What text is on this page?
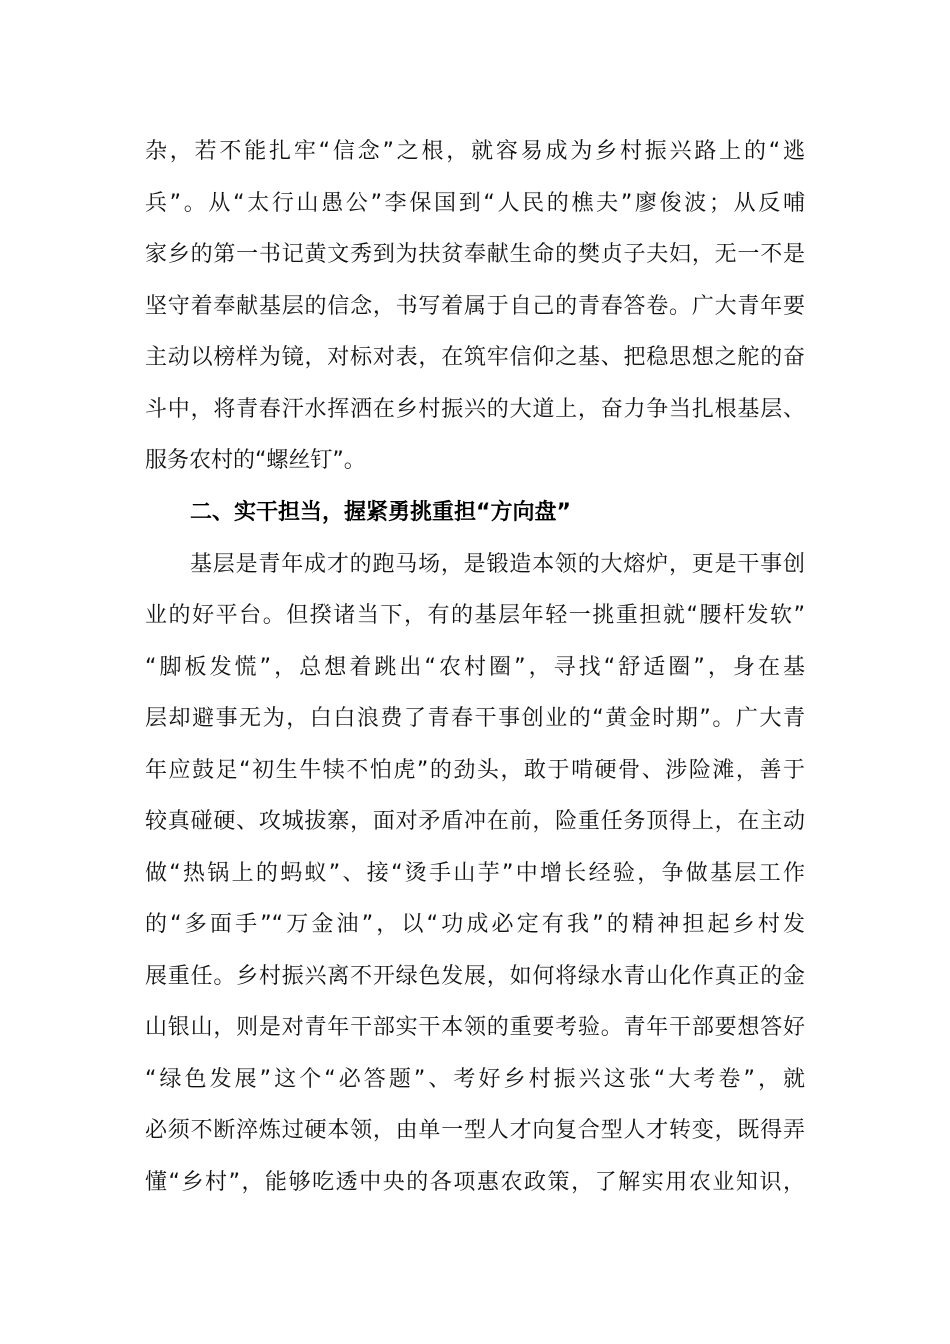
杂，若不能扎牢“信念”之根，就容易成为乡村振兴路上的“逃
兵”。从“太行山愚公”李保国到“人民的樵夫”廖俊波；从反哺
家乡的第一书记黄文秀到为扶贫奉献生命的樊贞子夫妇，无一不是
坚守着奉献基层的信念，书写着属于自己的青春答卷。广大青年要
主动以榜样为镜，对标对表，在筑牢信仰之基、把稳思想之舵的奋
斗中，将青春汗水挥洒在乡村振兴的大道上，奋力争当扎根基层、
服务农村的“螺丝钉”。
二、实干担当，握紧勇挑重担“方向盘”
基层是青年成才的跑马场，是锻造本领的大熔炉，更是干事创
业的好平台。但揆诸当下，有的基层年轻一挑重担就“腰杆发软”
“脚板发慌”，总想着跳出“农村圈”，寻找“舒适圈”，身在基
层却避事无为，白白浪费了青春干事创业的“黄金时期”。广大青
年应鼓足“初生牛犊不怕虎”的劲头，敢于啃硬骨、涉险滩，善于
较真碰硬、攻城拔寨，面对矛盾冲在前，险重任务顶得上，在主动
做“热锅上的蚂蚁”、接“烫手山芋”中增长经验，争做基层工作
的“多面手”“万金油”，以“功成必定有我”的精神担起乡村发
展重任。乡村振兴离不开绿色发展，如何将绿水青山化作真正的金
山银山，则是对青年干部实干本领的重要考验。青年干部要想答好
“绿色发展”这个“必答题”、考好乡村振兴这张“大考卷”，就
必须不断淬炼过硬本领，由单一型人才向复合型人才转变，既得弄
懂“乡村”，能够吃透中央的各项惠农政策，了解实用农业知识，
